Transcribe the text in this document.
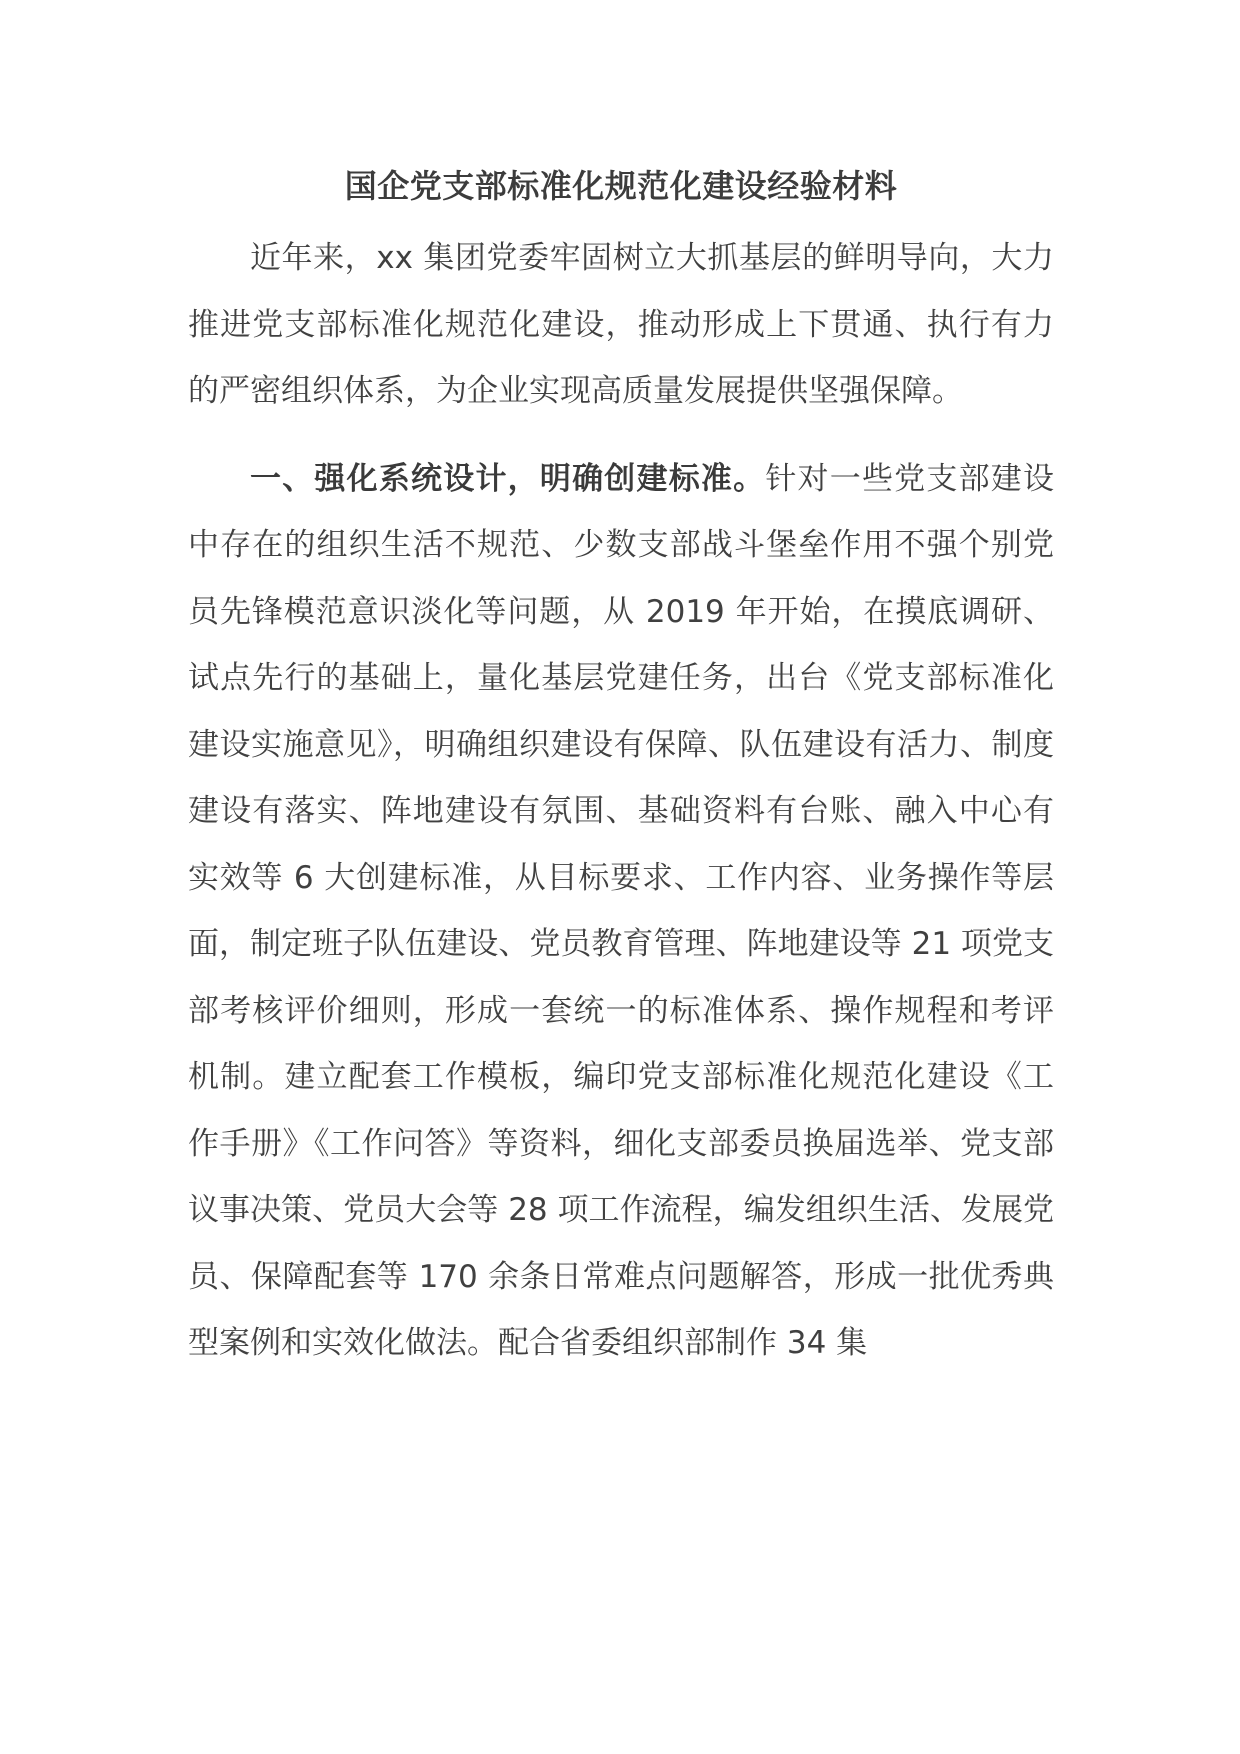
国企党支部标准化规范化建设经验材料

近年来，xx 集团党委牢固树立大抓基层的鲜明导向，大力推进党支部标准化规范化建设，推动形成上下贯通、执行有力的严密组织体系，为企业实现高质量发展提供坚强保障。

一、强化系统设计，明确创建标准。针对一些党支部建设中存在的组织生活不规范、少数支部战斗堡垒作用不强个别党员先锋模范意识淡化等问题，从 2019 年开始，在摸底调研、试点先行的基础上，量化基层党建任务，出台《党支部标准化建设实施意见》，明确组织建设有保障、队伍建设有活力、制度建设有落实、阵地建设有氛围、基础资料有台账、融入中心有实效等 6 大创建标准，从目标要求、工作内容、业务操作等层面，制定班子队伍建设、党员教育管理、阵地建设等 21 项党支部考核评价细则，形成一套统一的标准体系、操作规程和考评机制。建立配套工作模板，编印党支部标准化规范化建设《工作手册》《工作问答》等资料，细化支部委员换届选举、党支部议事决策、党员大会等 28 项工作流程，编发组织生活、发展党员、保障配套等 170 余条日常难点问题解答，形成一批优秀典型案例和实效化做法。配合省委组织部制作 34 集
